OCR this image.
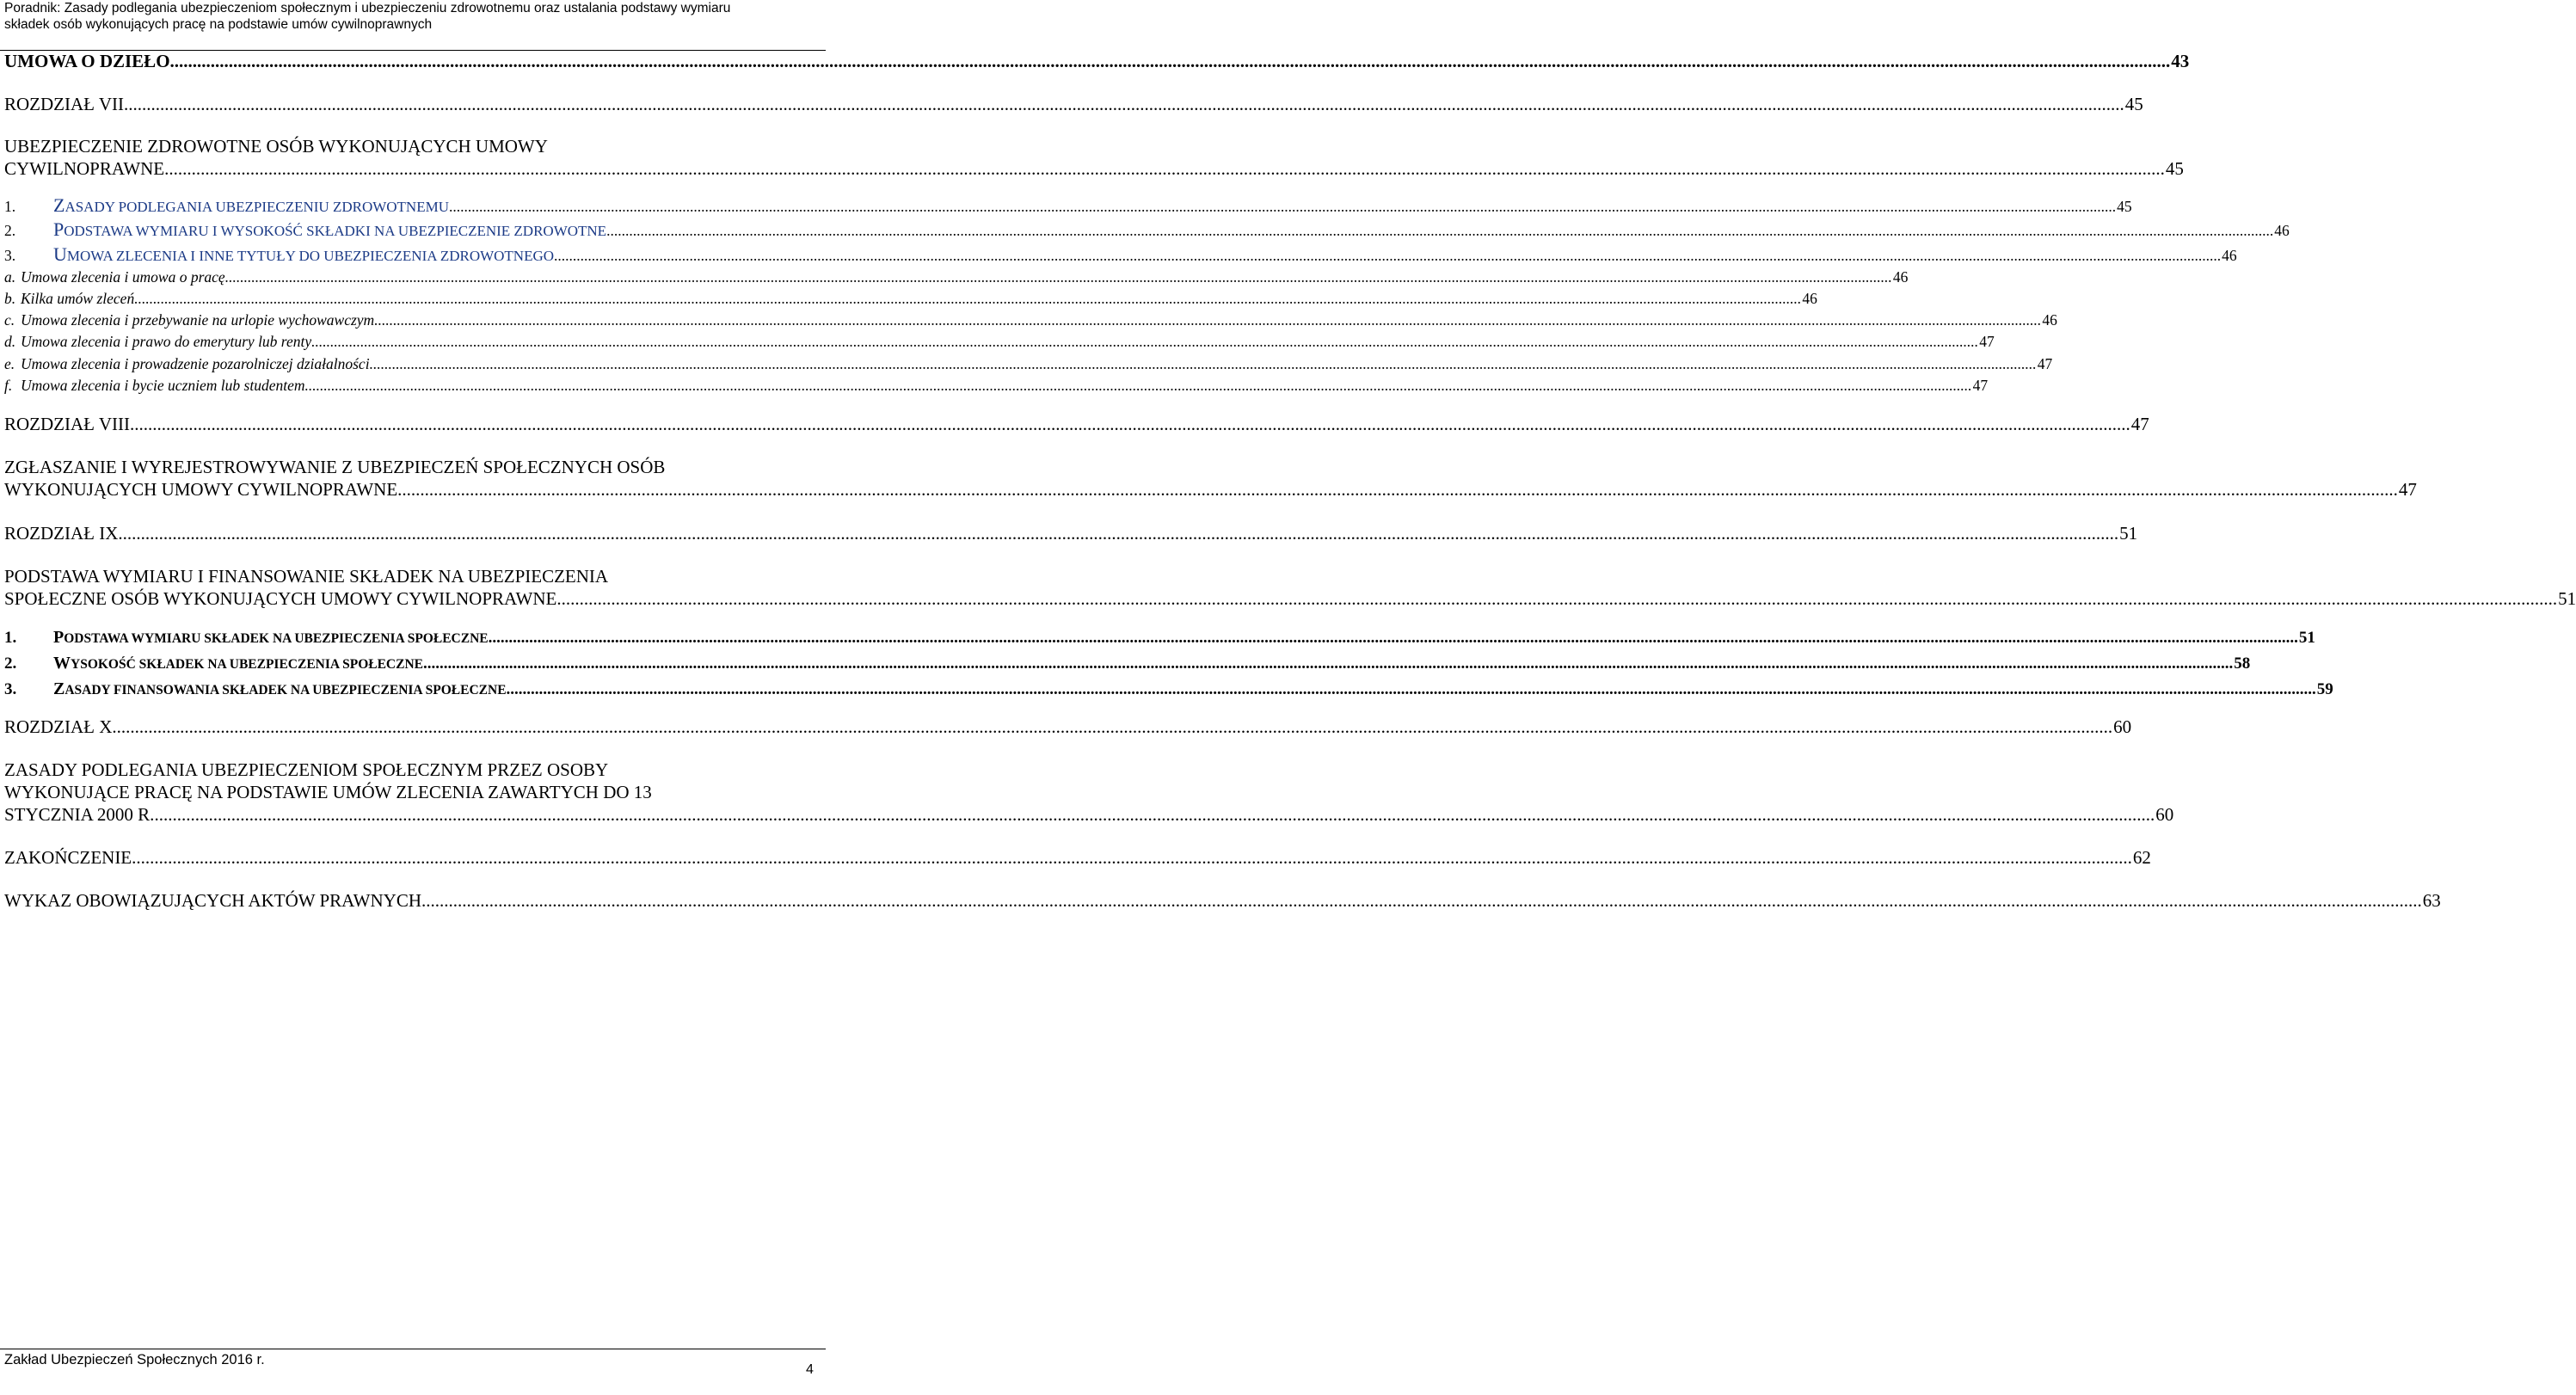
Poradnik: Zasady podlegania ubezpieczeniom społecznym i ubezpieczeniu zdrowotnemu oraz ustalania podstawy wymiaru
składek osób wykonujących pracę na podstawie umów cywilnoprawnych
UMOWA O DZIEŁO .....	43
ROZDZIAŁ VII .....	45
UBEZPIECZENIE ZDROWOTNE OSÓB WYKONUJĄCYCH UMOWY
CYWILNOPRAWNE .....	45
1. ZASADY PODLEGANIA UBEZPIECZENIU ZDROWOTNEMU .....	45
2. PODSTAWA WYMIARU I WYSOKOŚĆ SKŁADKI NA UBEZPIECZENIE ZDROWOTNE .....	46
3. UMOWA ZLECENIA I INNE TYTUŁY DO UBEZPIECZENIA ZDROWOTNEGO .....	46
a. Umowa zlecenia i umowa o pracę .....	46
b. Kilka umów zleceń .....	46
c. Umowa zlecenia i przebywanie na urlopie wychowawczym .....	46
d. Umowa zlecenia i prawo do emerytury lub renty .....	47
e. Umowa zlecenia i prowadzenie pozarolniczej działalności .....	47
f. Umowa zlecenia i bycie uczniem lub studentem .....	47
ROZDZIAŁ VIII .....	47
ZGŁASZANIE I WYREJESTROWYWANIE Z UBEZPIECZEŃ SPOŁECZNYCH OSÓB
WYKONUJĄCYCH UMOWY CYWILNOPRAWNE .....	47
ROZDZIAŁ IX .....	51
PODSTAWA WYMIARU I FINANSOWANIE SKŁADEK NA UBEZPIECZENIA
SPOŁECZNE OSÓB WYKONUJĄCYCH UMOWY CYWILNOPRAWNE .....	51
1. PODSTAWA WYMIARU SKŁADEK NA UBEZPIECZENIA SPOŁECZNE .....	51
2. WYSOKOŚĆ SKŁADEK NA UBEZPIECZENIA SPOŁECZNE .....	58
3. ZASADY FINANSOWANIA SKŁADEK NA UBEZPIECZENIA SPOŁECZNE .....	59
ROZDZIAŁ X .....	60
ZASADY PODLEGANIA UBEZPIECZENIOM SPOŁECZNYM PRZEZ OSOBY
WYKONUJĄCE PRACĘ NA PODSTAWIE UMÓW ZLECENIA ZAWARTYCH DO 13
STYCZNIA 2000 R. .....	60
ZAKOŃCZENIE .....	62
WYKAZ OBOWIĄZUJĄCYCH AKTÓW PRAWNYCH .....	63
Zakład Ubezpieczeń Społecznych 2016 r.
4
